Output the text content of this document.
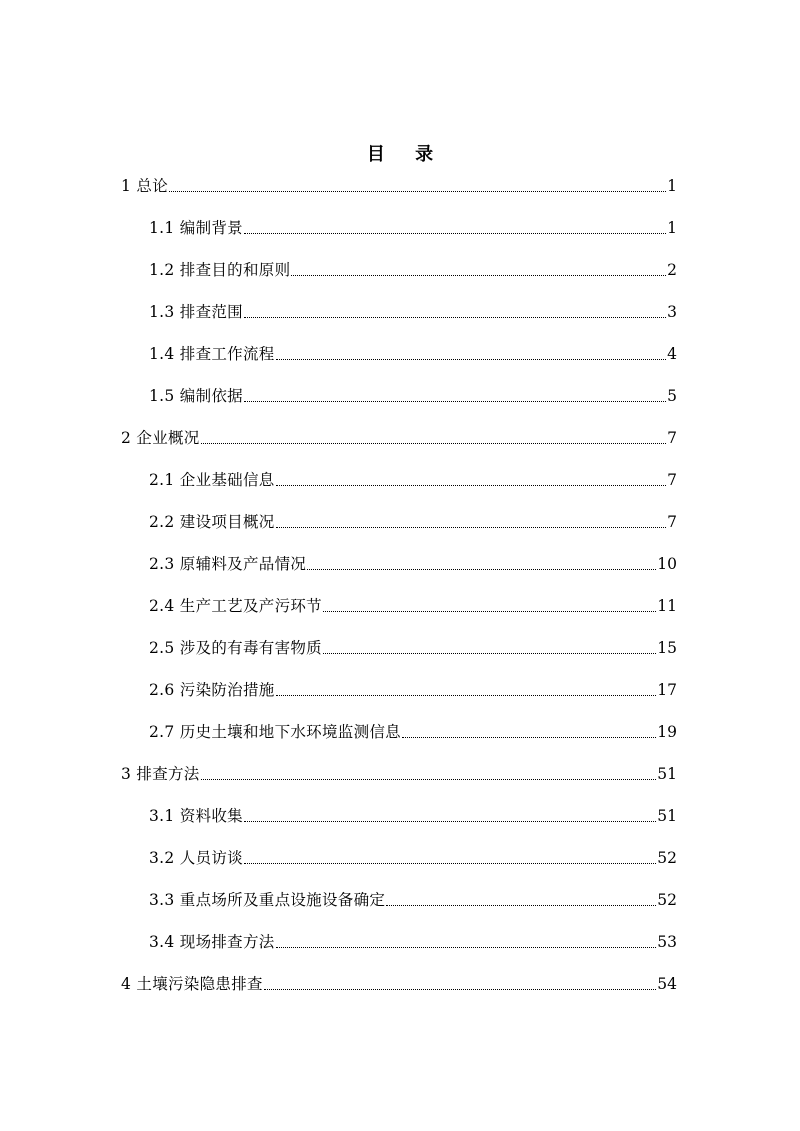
目 录
1 总论	1
1.1 编制背景	1
1.2 排查目的和原则	2
1.3 排查范围	3
1.4 排查工作流程	4
1.5 编制依据	5
2 企业概况	7
2.1 企业基础信息	7
2.2 建设项目概况	7
2.3 原辅料及产品情况	10
2.4 生产工艺及产污环节	11
2.5 涉及的有毒有害物质	15
2.6 污染防治措施	17
2.7 历史土壤和地下水环境监测信息	19
3 排查方法	51
3.1 资料收集	51
3.2 人员访谈	52
3.3 重点场所及重点设施设备确定	52
3.4 现场排查方法	53
4 土壤污染隐患排查	54
